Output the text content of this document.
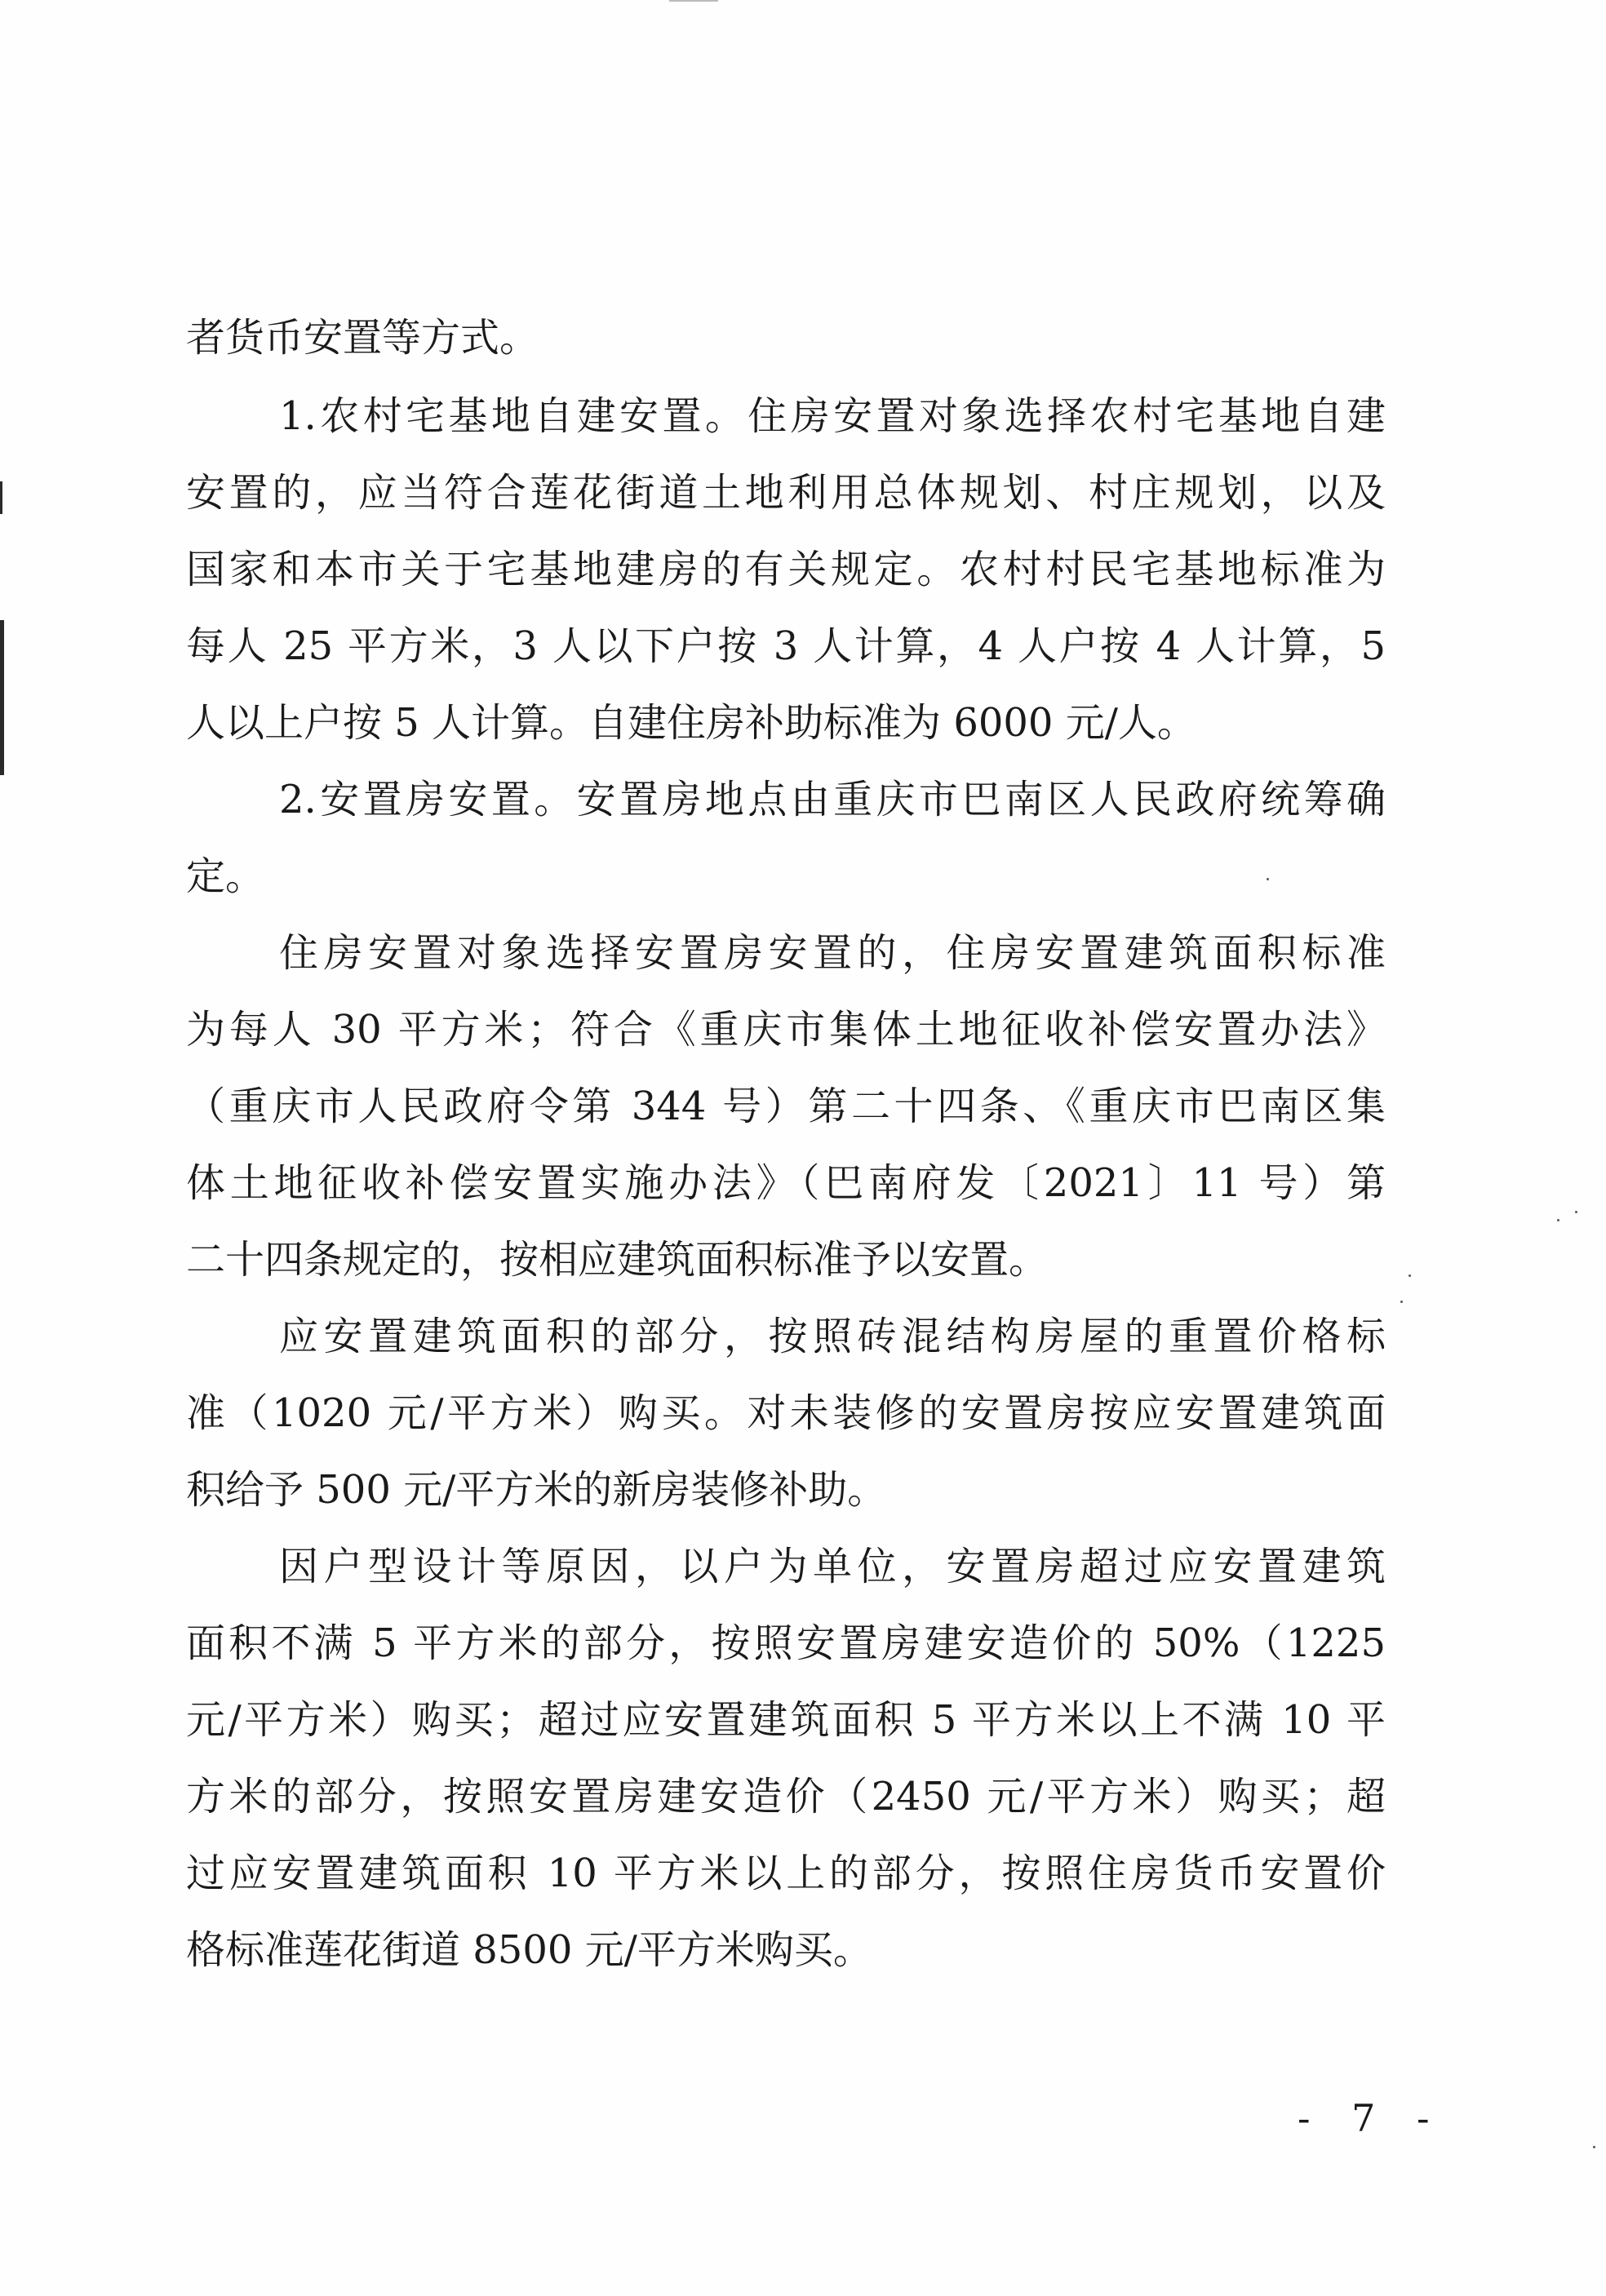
者货币安置等方式。

1.农村宅基地自建安置。住房安置对象选择农村宅基地自建

安置的，应当符合莲花街道土地利用总体规划、村庄规划，以及

国家和本市关于宅基地建房的有关规定。农村村民宅基地标准为

每人 25 平方米，3 人以下户按 3 人计算，4 人户按 4 人计算，5

人以上户按 5 人计算。自建住房补助标准为 6000 元/人。

2.安置房安置。安置房地点由重庆市巴南区人民政府统筹确

定。

住房安置对象选择安置房安置的，住房安置建筑面积标准

为每人 30 平方米；符合《重庆市集体土地征收补偿安置办法》

（重庆市人民政府令第 344 号）第二十四条、《重庆市巴南区集

体土地征收补偿安置实施办法》（巴南府发〔2021〕11 号）第

二十四条规定的，按相应建筑面积标准予以安置。

应安置建筑面积的部分，按照砖混结构房屋的重置价格标

准（1020 元/平方米）购买。对未装修的安置房按应安置建筑面

积给予 500 元/平方米的新房装修补助。

因户型设计等原因，以户为单位，安置房超过应安置建筑

面积不满 5 平方米的部分，按照安置房建安造价的 50%（1225

元/平方米）购买；超过应安置建筑面积 5 平方米以上不满 10 平

方米的部分，按照安置房建安造价（2450 元/平方米）购买；超

过应安置建筑面积 10 平方米以上的部分，按照住房货币安置价

格标准莲花街道 8500 元/平方米购买。

- 7 -
